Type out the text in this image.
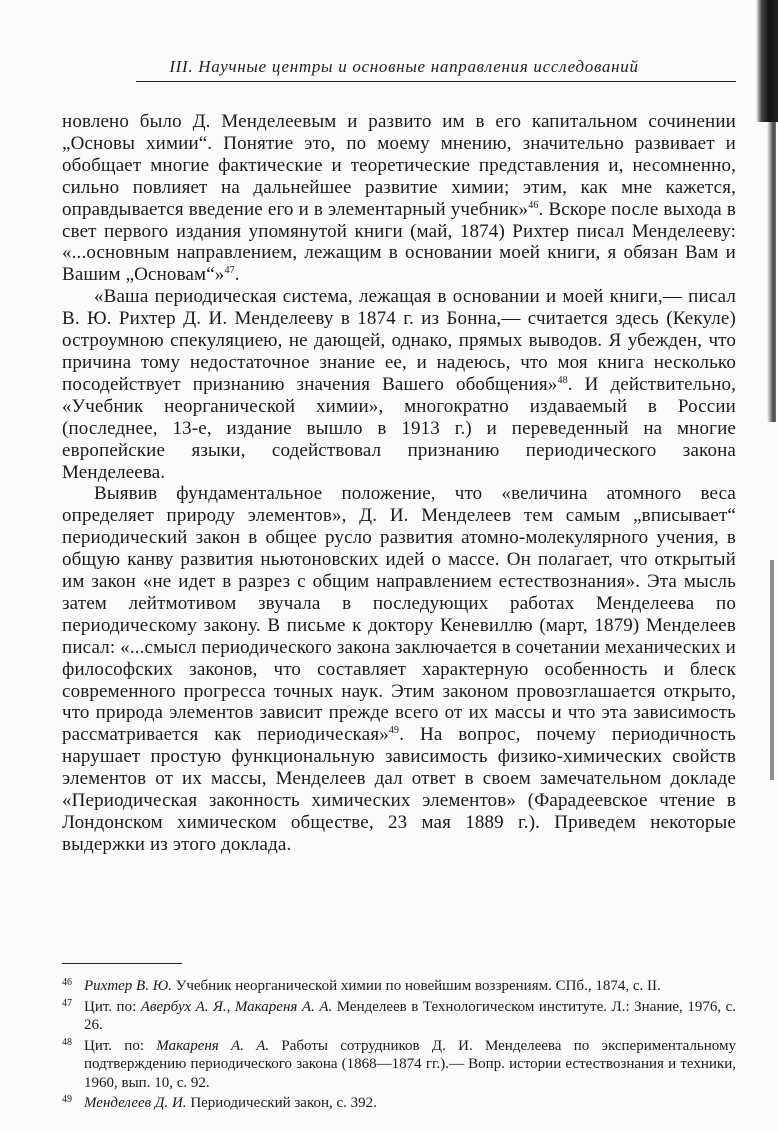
III. Научные центры и основные направления исследований

новлено было Д. Менделеевым и развито им в его капитальном сочинении „Основы химии“. Понятие это, по моему мнению, значительно развивает и обобщает многие фактические и теоретические представления и, несомненно, сильно повлияет на дальнейшее развитие химии; этим, как мне кажется, оправдывается введение его и в элементарный учебник»$^{46}$. Вскоре после выхода в свет первого издания упомянутой книги (май, 1874) Рихтер писал Менделееву: «...основным направлением, лежащим в основании моей книги, я обязан Вам и Вашим „Основам“»$^{47}$.

«Ваша периодическая система, лежащая в основании и моей книги,— писал В. Ю. Рихтер Д. И. Менделееву в 1874 г. из Бонна,— считается здесь (Кекуле) остроумною спекуляциею, не дающей, однако, прямых выводов. Я убежден, что причина тому недостаточное знание ее, и надеюсь, что моя книга несколько посодействует признанию значения Вашего обобщения»$^{48}$. И действительно, «Учебник неорганической химии», многократно издаваемый в России (последнее, 13-е, издание вышло в 1913 г.) и переведенный на многие европейские языки, содействовал признанию периодического закона Менделеева.

Выявив фундаментальное положение, что «величина атомного веса определяет природу элементов», Д. И. Менделеев тем самым „вписывает“ периодический закон в общее русло развития атомно-молекулярного учения, в общую канву развития ньютоновских идей о массе. Он полагает, что открытый им закон «не идет в разрез с общим направлением естествознания». Эта мысль затем лейтмотивом звучала в последующих работах Менделеева по периодическому закону. В письме к доктору Кеневиллю (март, 1879) Менделеев писал: «...смысл периодического закона заключается в сочетании механических и философских законов, что составляет характерную особенность и блеск современного прогресса точных наук. Этим законом провозглашается открыто, что природа элементов зависит прежде всего от их массы и что эта зависимость рассматривается как периодическая»$^{49}$. На вопрос, почему периодичность нарушает простую функциональную зависимость физико-химических свойств элементов от их массы, Менделеев дал ответ в своем замечательном докладе «Периодическая законность химических элементов» (Фарадеевское чтение в Лондонском химическом обществе, 23 мая 1889 г.). Приведем некоторые выдержки из этого доклада.

46 Рихтер В. Ю. Учебник неорганической химии по новейшим воззрениям. СПб., 1874, с. II.
47 Цит. по: Авербух А. Я., Макареня А. А. Менделеев в Технологическом институте. Л.: Знание, 1976, с. 26.
48 Цит. по: Макареня А. А. Работы сотрудников Д. И. Менделеева по экспериментальному подтверждению периодического закона (1868—1874 гг.).— Вопр. истории естествознания и техники, 1960, вып. 10, с. 92.
49 Менделеев Д. И. Периодический закон, с. 392.
